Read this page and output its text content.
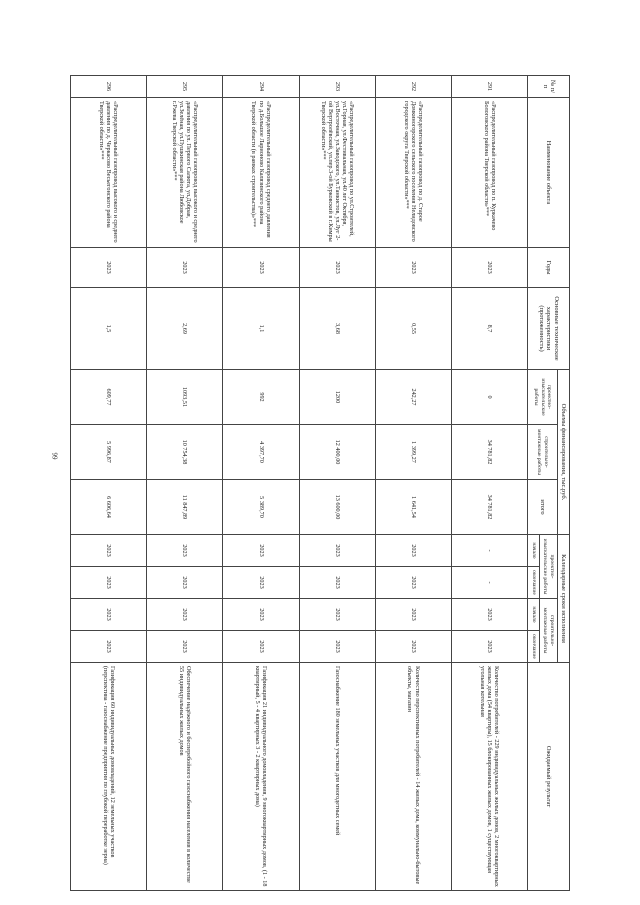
66
№ п/п	Наименование объекта	Годы	Основные технические характеристики (протяженность)	Объемы финансирования, тыс.руб.			Календарные сроки исполнения				Ожидаемый результат
				проектно-изыскательские работы	строительно-монтажные работы	итого	проектно-изыскательские работы		строительно-монтажные работы		
							начало	окончание	начало	окончание	
291	«Распределительный газопровод по п. Куркачево Бологовского района Тверской области»***	2023	8,7	0	34 781,82	34 781,82	-	-	2023	2023	Количество потребителей - 229 индивидуальных жилых домов, 2 многоквартирных жилых дома (54 квартиры), 15 блокированных жилых домов, 1 существующая угольная котельная
292	«Распределительный газопровод по д. Старое Домкиногорского сельского поселения Нелидовского городского округа Тверской области»***	2023	0,55	242,27	1 399,27	1 641,54	2023	2023	2023	2023	Количество перспективных потребителей - 14 жилых дома, коммунально-бытовые объекты, магазин
293	«Распределительный газопровод по ул.Строителей, ул.Горная, ул.Фестивальная, ул.40 лет Октября, ул.Восточная, ул.Заводского, ул.Танкистов, ул.Луг 2-ой Вертролёвский, ул.пер.3-ой Бурковский в г.Кимры Тверской области»***	2023	3,68	1200	12 400,00	13 600,00	2023	2023	2023	2023	Газоснабжение 180 земельных участков для многодетных семей
294	«Распределительный газопровод среднего давления по д.Большое Ларионово Калязинского района Тверской области (в рамках строительства)»***	2023	1,1	992	4 397,70	5 389,70	2023	2023	2023	2023	Газификация 21 индивидуального домовладения, 9 многоквартирных домов, (1 - 18 квартирный, 5 - 4 квартирных 3 - 2 квартирных дома)
295	«Распределительный газопровод высокого и среднего давления по ул. Первого Салюта, ул.Добрая, ул.Зелёная, ул.Пушкинская района Любовское г.Ржева Тверской области»***	2023	2,69	1093,51	10 754,38	11 847,89	2023	2023	2023	2023	Обеспечение надёжного и бесперебойного газоснабжения населения в количестве 55 индивидуальных жилых домов
296	«Распределительный газопровод высокого и среднего давления по д. Черкасово Весьегонского района Тверской области»***	2023	1,5	609,77	5 996,87	6 606,64	2023	2023	2023	2023	Газификация 60 индивидуальных домовладений, 12 земельных участков (перспектива - газоснабжение предприятия по глубокой переработке зерна)
